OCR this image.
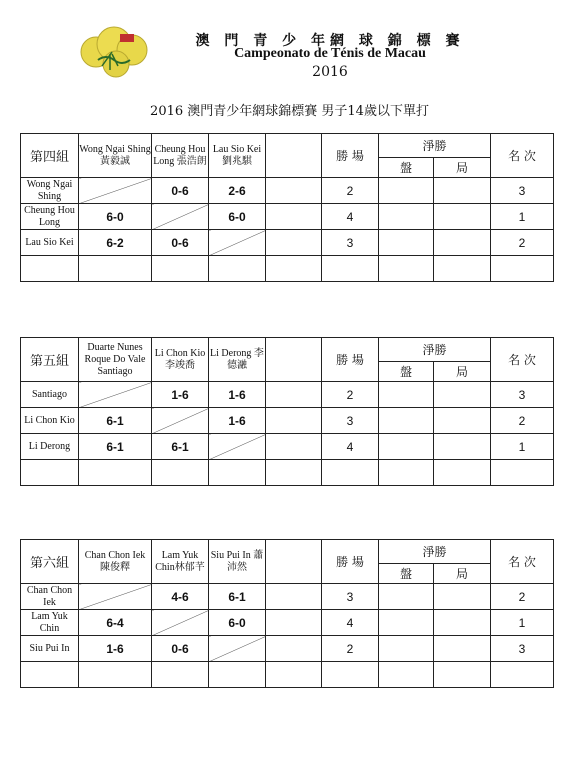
澳 門 青 少 年網 球 錦 標 賽
Campeonato de Ténis de Macau
2016
2016 澳門青少年網球錦標賽 男子14歲以下單打
第四組	Wong Ngai Shing黃毅誠	Cheung Hou Long 張浩朗	Lau Sio Kei 劉兆騏		勝 場	淨勝		名 次
						盤	局	
Wong Ngai Shing		0-6	2-6		2			3
Cheung Hou Long	6-0		6-0		4			1
Lau Sio Kei	6-2	0-6			3			2

第五組	Duarte Nunes Roque Do Vale Santiago	Li Chon Kio李竣喬	Li Derong 李德瀜		勝 場	淨勝		名 次
						盤	局	
Santiago		1-6	1-6		2			3
Li Chon Kio	6-1		1-6		3			2
Li Derong	6-1	6-1			4			1

第六組	Chan Chon Iek 陳俊釋	Lam Yuk Chin林郁芊	Siu Pui In 蕭沛然		勝 場	淨勝		名 次
						盤	局	
Chan Chon Iek		4-6	6-1		3			2
Lam Yuk Chin	6-4		6-0		4			1
Siu Pui In	1-6	0-6			2			3
